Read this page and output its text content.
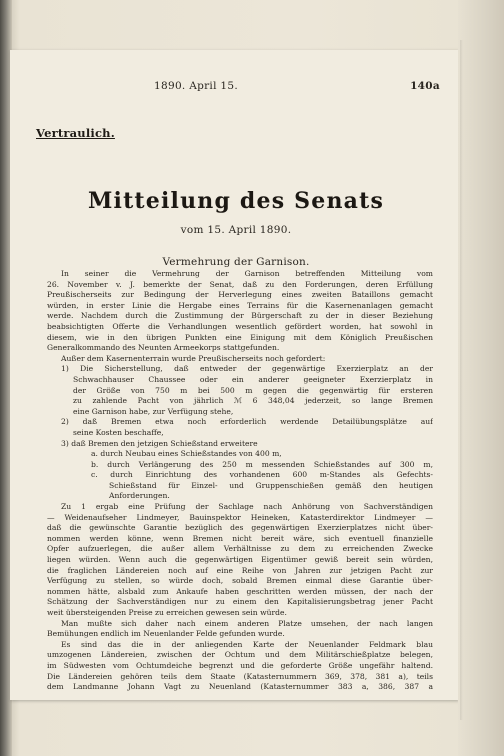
1890. April 15.	140a
Vertraulich.
Mitteilung des Senats
vom 15. April 1890.
Vermehrung der Garnison.
In seiner die Vermehrung der Garnison betreffenden Mitteilung vom
26. November v. J. bemerkte der Senat, daß zu den Forderungen, deren Erfüllung
Preußischerseits zur Bedingung der Herverlegung eines zweiten Bataillons gemacht
würden, in erster Linie die Hergabe eines Terrains für die Kasernenanlagen gemacht
werde. Nachdem durch die Zustimmung der Bürgerschaft zu der in dieser Beziehung
beabsichtigten Offerte die Verhandlungen wesentlich gefördert worden, hat sowohl in
diesem, wie in den übrigen Punkten eine Einigung mit dem Königlich Preußischen
Generalkommando des Neunten Armeekorps stattgefunden.
Außer dem Kasernenterrain wurde Preußischerseits noch gefordert:
1) Die Sicherstellung, daß entweder der gegenwärtige Exerzierplatz an der
Schwachhauser Chaussee oder ein anderer geeigneter Exerzierplatz in
der Größe von 750 m bei 500 m gegen die gegenwärtig für ersteren
zu zahlende Pacht von jährlich ℳ 6 348,04 jederzeit, so lange Bremen
eine Garnison habe, zur Verfügung stehe,
2) daß Bremen etwa noch erforderlich werdende Detailübungsplätze auf
seine Kosten beschaffe,
3) daß Bremen den jetzigen Schießstand erweitere
a. durch Neubau eines Schießstandes von 400 m,
b. durch Verlängerung des 250 m messenden Schießstandes auf 300 m,
c. durch Einrichtung des vorhandenen 600 m-Standes als Gefechts-
Schießstand für Einzel- und Gruppenschießen gemäß den heutigen
Anforderungen.
Zu 1 ergab eine Prüfung der Sachlage nach Anhörung von Sachverständigen
— Weidenaufseher Lindmeyer, Bauinspektor Heineken, Katasterdirektor Lindmeyer —
daß die gewünschte Garantie bezüglich des gegenwärtigen Exerzierplatzes nicht über-
nommen werden könne, wenn Bremen nicht bereit wäre, sich eventuell finanzielle
Opfer aufzuerlegen, die außer allem Verhältnisse zu dem zu erreichenden Zwecke
liegen würden. Wenn auch die gegenwärtigen Eigentümer gewiß bereit sein würden,
die fraglichen Ländereien noch auf eine Reihe von Jahren zur jetzigen Pacht zur
Verfügung zu stellen, so würde doch, sobald Bremen einmal diese Garantie über-
nommen hätte, alsbald zum Ankaufe haben geschritten werden müssen, der nach der
Schätzung der Sachverständigen nur zu einem den Kapitalisierungsbetrag jener Pacht
weit übersteigenden Preise zu erreichen gewesen sein würde.
Man mußte sich daher nach einem anderen Platze umsehen, der nach langen
Bemühungen endlich im Neuenlander Felde gefunden wurde.
Es sind das die in der anliegenden Karte der Neuenlander Feldmark blau
umzogenen Ländereien, zwischen der Ochtum und dem Militärschießplatze belegen,
im Südwesten vom Ochtumdeiche begrenzt und die geforderte Größe ungefähr haltend.
Die Ländereien gehören teils dem Staate (Katasternummern 369, 378, 381 a), teils
dem Landmanne Johann Vagt zu Neuenland (Katasternummer 383 a, 386, 387 a
